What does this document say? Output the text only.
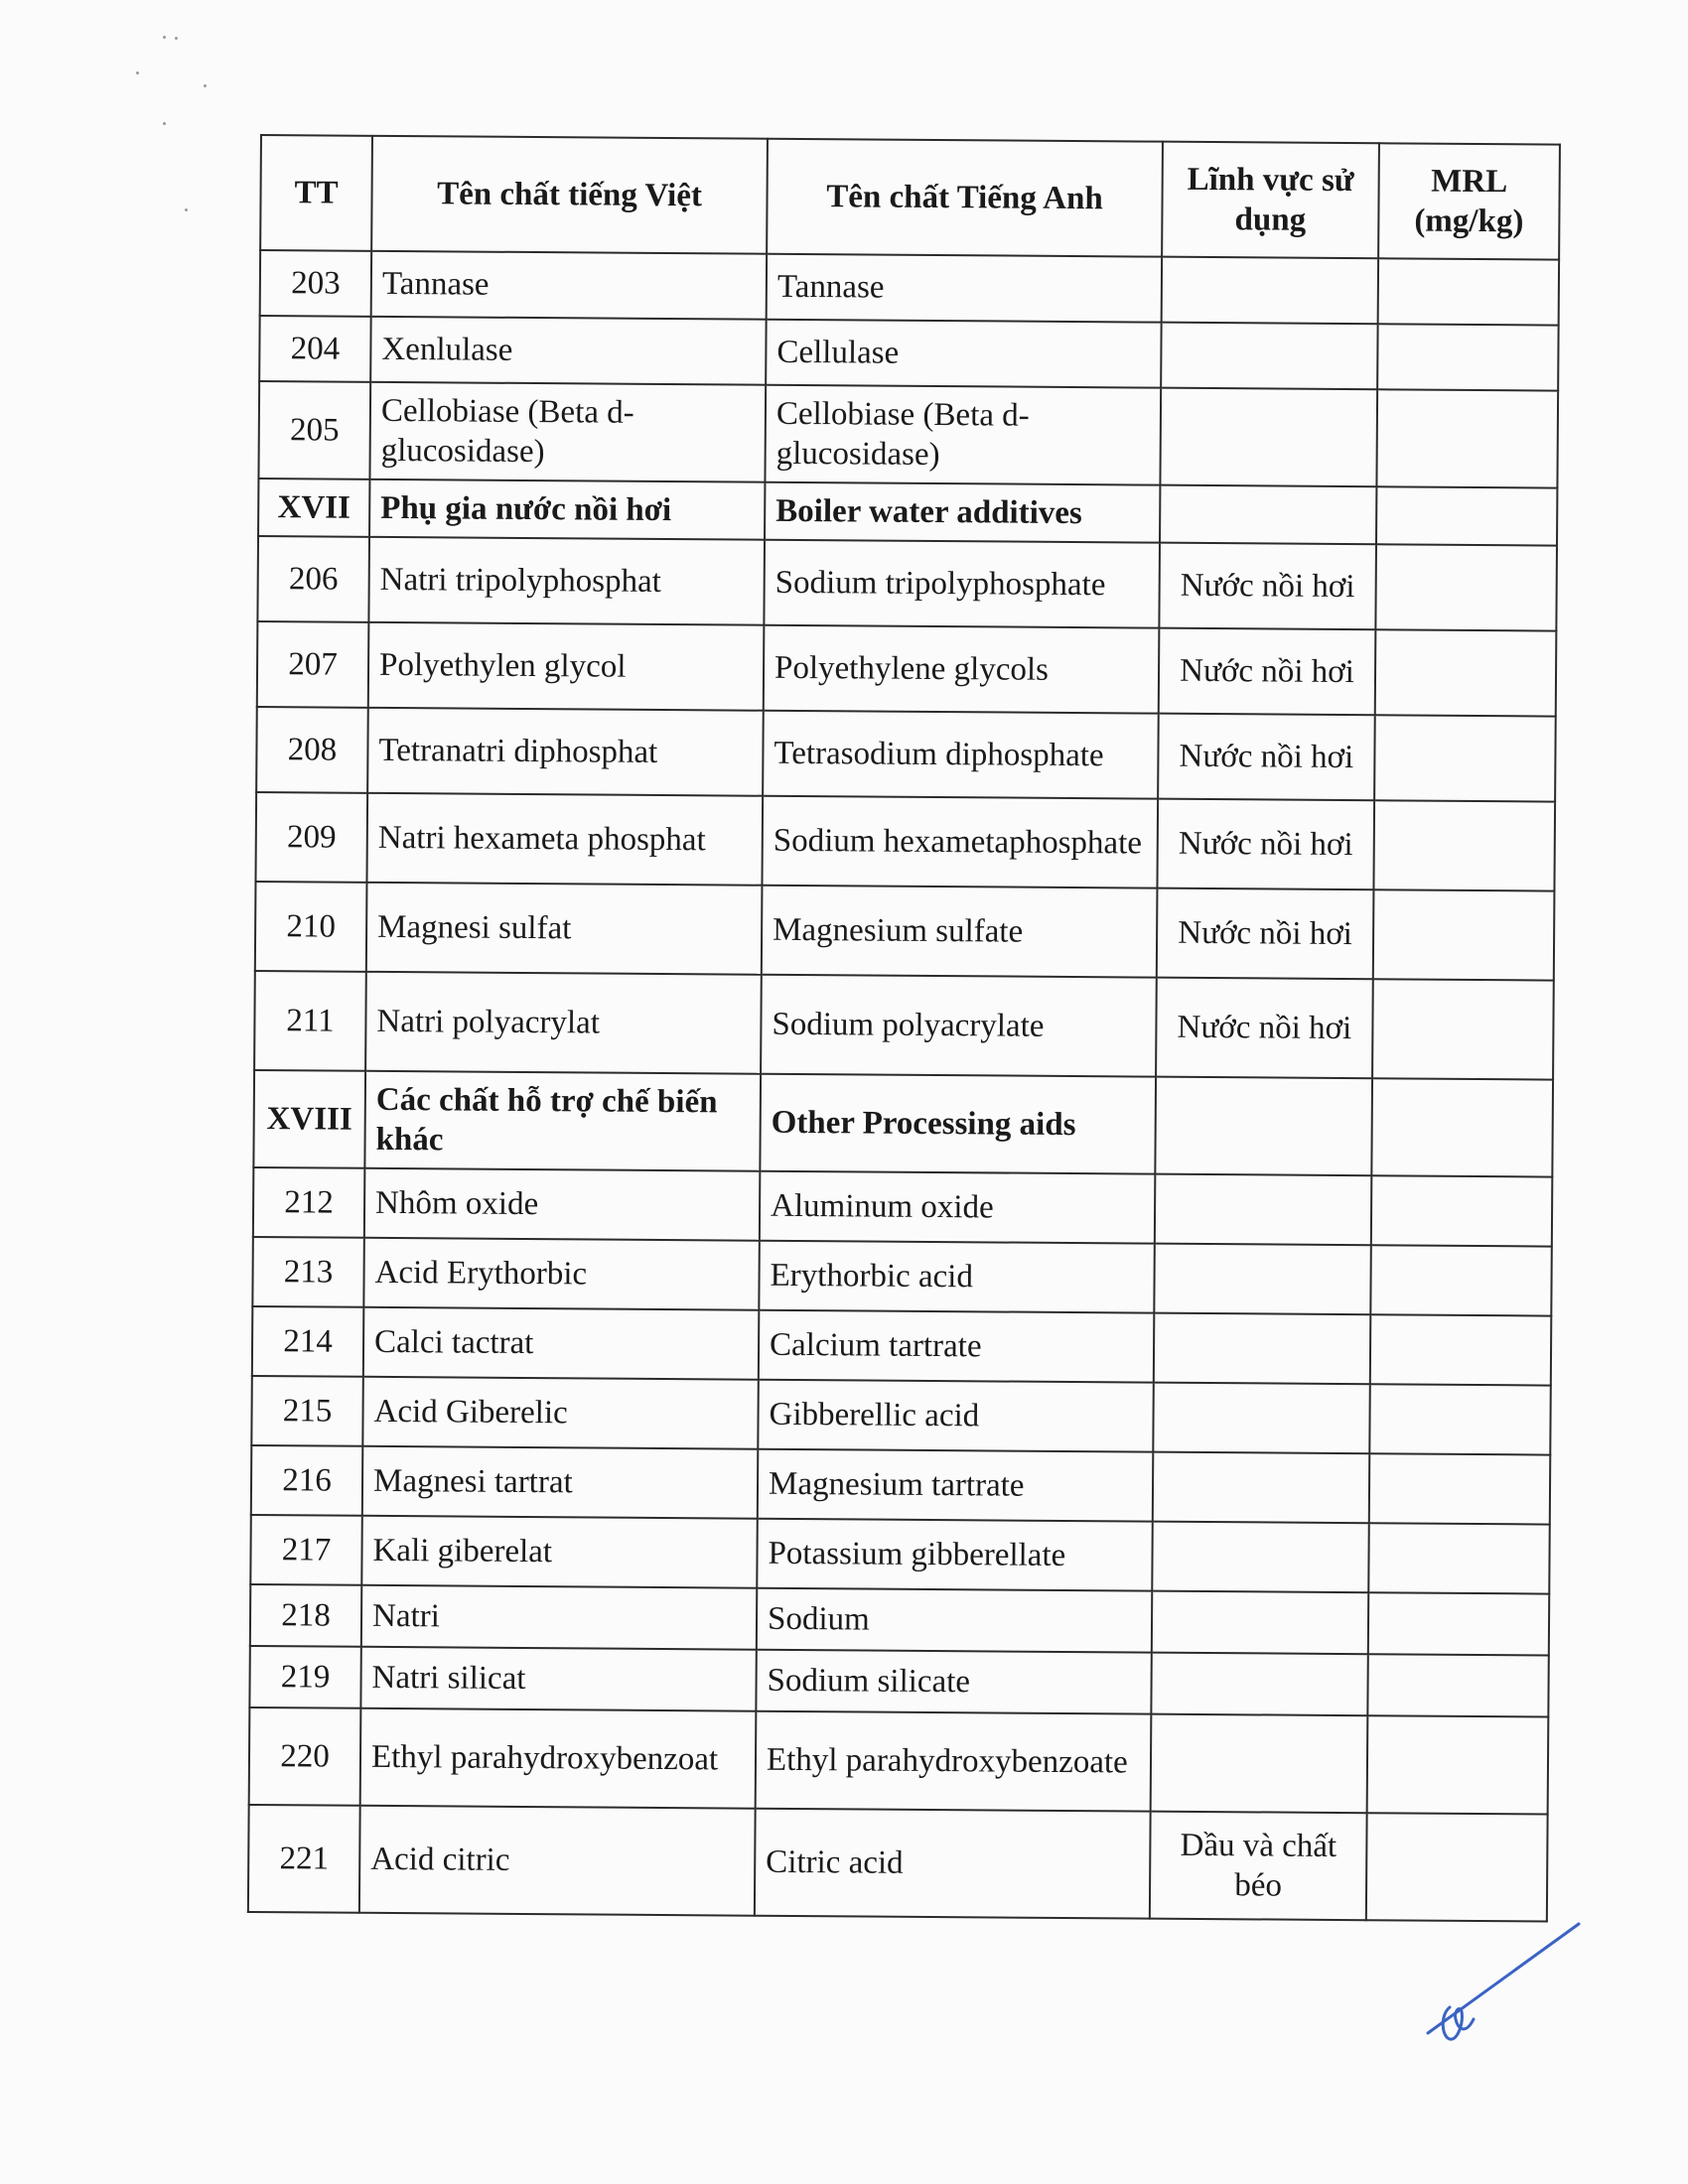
TT	Tên chất tiếng Việt	Tên chất Tiếng Anh	Lĩnh vực sử dụng	MRL (mg/kg)
203	Tannase	Tannase		
204	Xenlulase	Cellulase		
205	Cellobiase (Beta d-glucosidase)	Cellobiase (Beta d-glucosidase)		
XVII	Phụ gia nước nồi hơi	Boiler water additives		
206	Natri tripolyphosphat	Sodium tripolyphosphate	Nước nồi hơi	
207	Polyethylen glycol	Polyethylene glycols	Nước nồi hơi	
208	Tetranatri diphosphat	Tetrasodium diphosphate	Nước nồi hơi	
209	Natri hexameta phosphat	Sodium hexametaphosphate	Nước nồi hơi	
210	Magnesi sulfat	Magnesium sulfate	Nước nồi hơi	
211	Natri polyacrylat	Sodium polyacrylate	Nước nồi hơi	
XVIII	Các chất hỗ trợ chế biến khác	Other Processing aids		
212	Nhôm oxide	Aluminum oxide		
213	Acid Erythorbic	Erythorbic acid		
214	Calci tactrat	Calcium tartrate		
215	Acid Giberelic	Gibberellic acid		
216	Magnesi tartrat	Magnesium tartrate		
217	Kali giberelat	Potassium gibberellate		
218	Natri	Sodium		
219	Natri silicat	Sodium silicate		
220	Ethyl parahydroxybenzoat	Ethyl parahydroxybenzoate		
221	Acid citric	Citric acid	Dầu và chất béo	
